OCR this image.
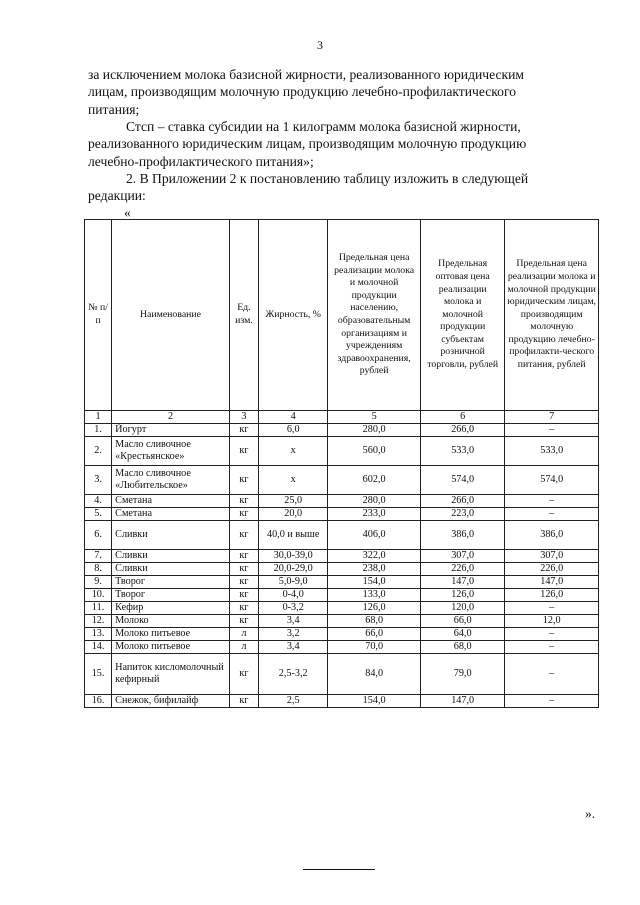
3
за исключением молока базисной жирности, реализованного юридическим
лицам, производящим молочную продукцию лечебно-профилактического
питания;
Стсп – ставка субсидии на 1 килограмм молока базисной жирности,
реализованного юридическим лицам, производящим молочную продукцию
лечебно-профилактического питания»;
2. В Приложении 2 к постановлению таблицу изложить в следующей
редакции:
«
№ п/п	Наименование	Ед. изм.	Жирность, %	Предельная цена реализации молока и молочной продукции населению, образовательным организациям и учреждениям здравоохранения, рублей	Предельная оптовая цена реализации молока и молочной продукции субъектам розничной торговли, рублей	Предельная цена реализации молока и молочной продукции юридическим лицам, производящим молочную продукцию лечебно-профилакти-ческого питания, рублей
1	2	3	4	5	6	7
1.	Йогурт	кг	6,0	280,0	266,0	–
2.	Масло сливочное «Крестьянское»	кг	х	560,0	533,0	533,0
3.	Масло сливочное «Любительское»	кг	х	602,0	574,0	574,0
4.	Сметана	кг	25,0	280,0	266,0	–
5.	Сметана	кг	20,0	233,0	223,0	–
6.	Сливки	кг	40,0 и выше	406,0	386,0	386,0
7.	Сливки	кг	30,0-39,0	322,0	307,0	307,0
8.	Сливки	кг	20,0-29,0	238,0	226,0	226,0
9.	Творог	кг	5,0-9,0	154,0	147,0	147,0
10.	Творог	кг	0-4,0	133,0	126,0	126,0
11.	Кефир	кг	0-3,2	126,0	120,0	–
12.	Молоко	кг	3,4	68,0	66,0	12,0
13.	Молоко питьевое	л	3,2	66,0	64,0	–
14.	Молоко питьевое	л	3,4	70,0	68,0	–
15.	Напиток кисломолочный кефирный	кг	2,5-3,2	84,0	79,0	–
16.	Снежок, бифилайф	кг	2,5	154,0	147,0	–
».
